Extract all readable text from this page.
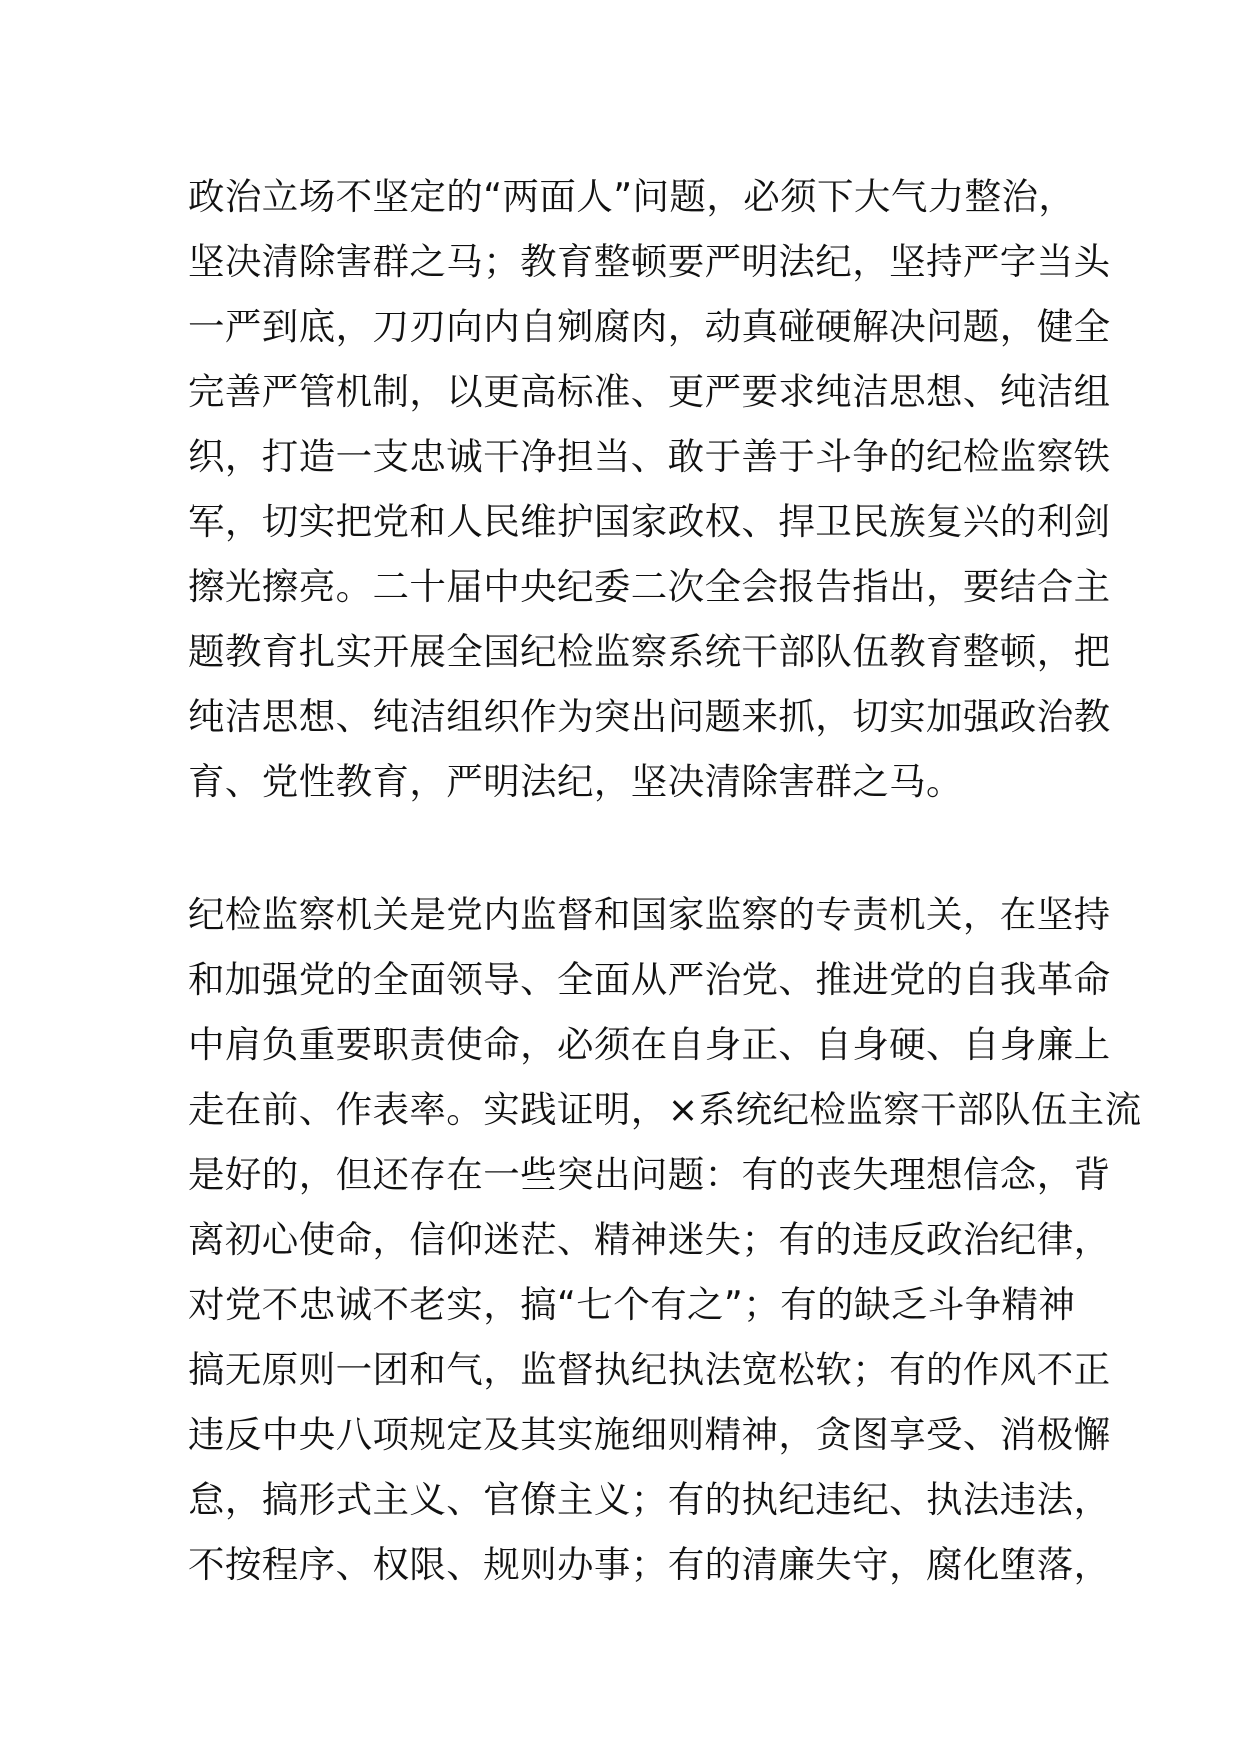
政治立场不坚定的“两面人”问题，必须下大气力整治，
坚决清除害群之马；教育整顿要严明法纪，坚持严字当头
一严到底，刀刃向内自剜腐肉，动真碰硬解决问题，健全
完善严管机制，以更高标准、更严要求纯洁思想、纯洁组
织，打造一支忠诚干净担当、敢于善于斗争的纪检监察铁
军，切实把党和人民维护国家政权、捍卫民族复兴的利剑
擦光擦亮。二十届中央纪委二次全会报告指出，要结合主
题教育扎实开展全国纪检监察系统干部队伍教育整顿，把
纯洁思想、纯洁组织作为突出问题来抓，切实加强政治教
育、党性教育，严明法纪，坚决清除害群之马。
纪检监察机关是党内监督和国家监察的专责机关，在坚持
和加强党的全面领导、全面从严治党、推进党的自我革命
中肩负重要职责使命，必须在自身正、自身硬、自身廉上
走在前、作表率。实践证明，×系统纪检监察干部队伍主流
是好的，但还存在一些突出问题：有的丧失理想信念，背
离初心使命，信仰迷茫、精神迷失；有的违反政治纪律，
对党不忠诚不老实，搞“七个有之”；有的缺乏斗争精神
搞无原则一团和气，监督执纪执法宽松软；有的作风不正
违反中央八项规定及其实施细则精神，贪图享受、消极懈
怠，搞形式主义、官僚主义；有的执纪违纪、执法违法，
不按程序、权限、规则办事；有的清廉失守，腐化堕落，
